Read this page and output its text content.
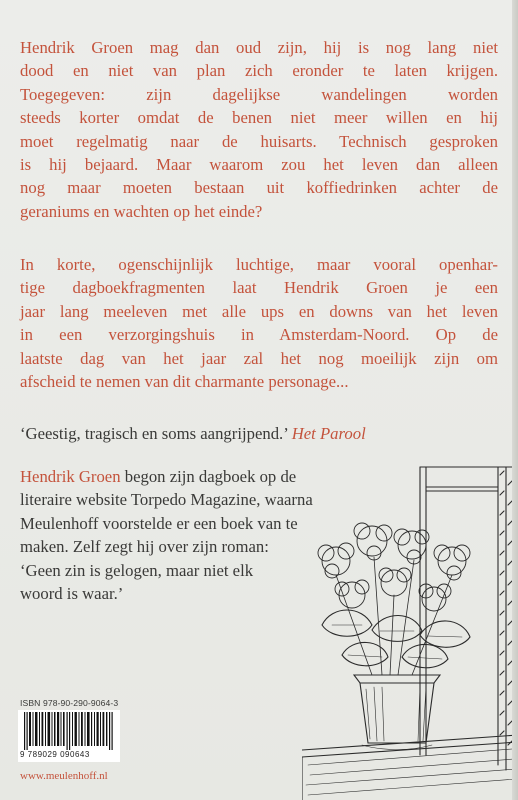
Hendrik Groen mag dan oud zijn, hij is nog lang niet
dood en niet van plan zich eronder te laten krijgen.
Toegegeven: zijn dagelijkse wandelingen worden
steeds korter omdat de benen niet meer willen en hij
moet regelmatig naar de huisarts. Technisch gesproken
is hij bejaard. Maar waarom zou het leven dan alleen
nog maar moeten bestaan uit koffiedrinken achter de
geraniums en wachten op het einde?

In korte, ogenschijnlijk luchtige, maar vooral openhar-
tige dagboekfragmenten laat Hendrik Groen je een
jaar lang meeleven met alle ups en downs van het leven
in een verzorgingshuis in Amsterdam-Noord. Op de
laatste dag van het jaar zal het nog moeilijk zijn om
afscheid te nemen van dit charmante personage...

‘Geestig, tragisch en soms aangrijpend.’ Het Parool

Hendrik Groen begon zijn dagboek op de
literaire website Torpedo Magazine, waarna
Meulenhoff voorstelde er een boek van te
maken. Zelf zegt hij over zijn roman:
‘Geen zin is gelogen, maar niet elk
woord is waar.’

ISBN 978-90-290-9064-3
9 789029 090643
www.meulenhoff.nl
